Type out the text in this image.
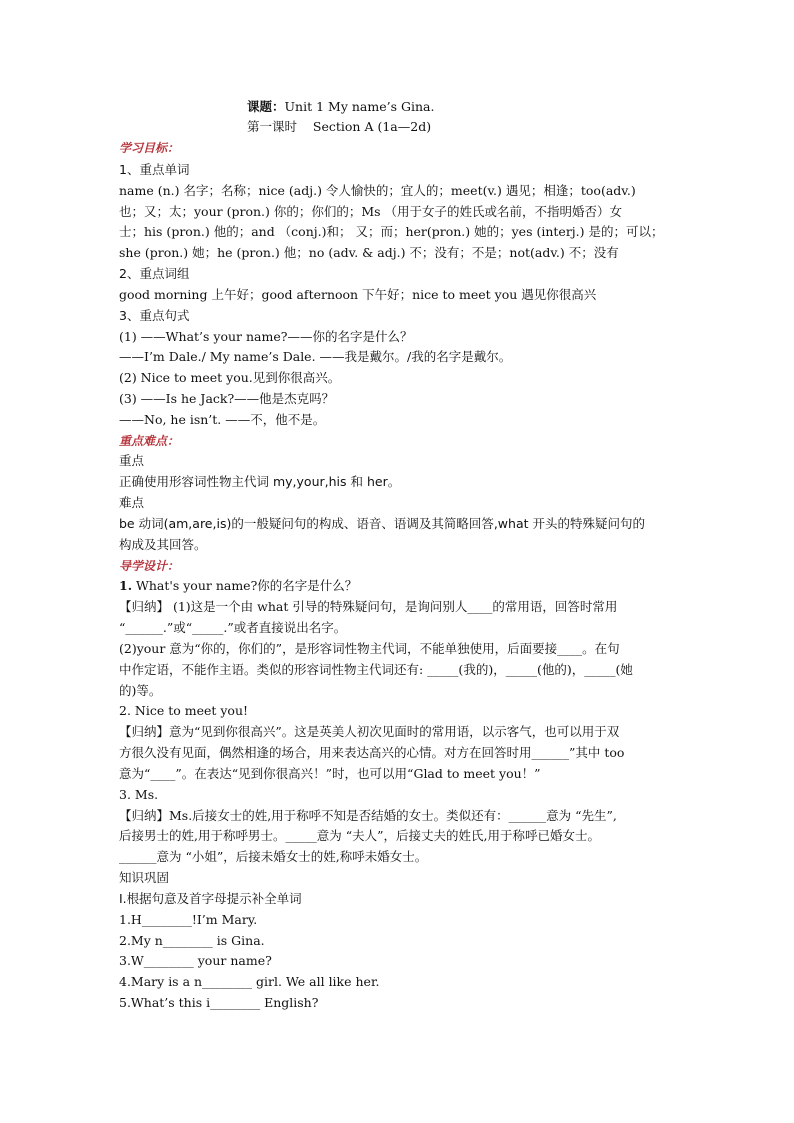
课题：Unit 1 My name’s Gina.
第一课时 Section A (1a—2d)
学习目标：
1、重点单词
name (n.) 名字；名称；nice (adj.) 令人愉快的；宜人的；meet(v.) 遇见；相逢；too(adv.)
也；又；太；your (pron.) 你的；你们的；Ms （用于女子的姓氏或名前，不指明婚否）女
士；his (pron.) 他的；and （conj.)和； 又；而；her(pron.) 她的；yes (interj.) 是的；可以；
she (pron.) 她；he (pron.) 他；no (adv. & adj.) 不；没有；不是；not(adv.) 不；没有
2、重点词组
good morning 上午好；good afternoon 下午好；nice to meet you 遇见你很高兴
3、重点句式
(1) ——What’s your name?——你的名字是什么？
——I’m Dale./ My name’s Dale. ——我是戴尔。/我的名字是戴尔。
(2) Nice to meet you.见到你很高兴。
(3) ——Is he Jack?——他是杰克吗？
——No, he isn’t. ——不，他不是。
重点难点：
重点
正确使用形容词性物主代词 my,your,his 和 her。
难点
be 动词(am,are,is)的一般疑问句的构成、语音、语调及其简略回答,what 开头的特殊疑问句的
构成及其回答。
导学设计：
1. What's your name?你的名字是什么？
【归纳】 (1)这是一个由 what 引导的特殊疑问句，是询问别人____的常用语，回答时常用
“______.”或“_____.”或者直接说出名字。
(2)your 意为“你的，你们的”，是形容词性物主代词，不能单独使用，后面要接____。在句
中作定语，不能作主语。类似的形容词性物主代词还有: _____(我的)，_____(他的)，_____(她
的)等。
2. Nice to meet you!
【归纳】意为“见到你很高兴”。这是英美人初次见面时的常用语，以示客气，也可以用于双
方很久没有见面，偶然相逢的场合，用来表达高兴的心情。对方在回答时用______”其中 too
意为“____”。在表达“见到你很高兴！”时，也可以用“Glad to meet you！”
3. Ms.
【归纳】Ms.后接女士的姓,用于称呼不知是否结婚的女士。类似还有：______意为 “先生”,
后接男士的姓,用于称呼男士。_____意为 “夫人”，后接丈夫的姓氏,用于称呼已婚女士。
______意为 “小姐”，后接未婚女士的姓,称呼未婚女士。
知识巩固
Ⅰ.根据句意及首字母提示补全单词
1.H________!I’m Mary.
2.My n________ is Gina.
3.W________ your name?
4.Mary is a n________ girl. We all like her.
5.What’s this i________ English?
